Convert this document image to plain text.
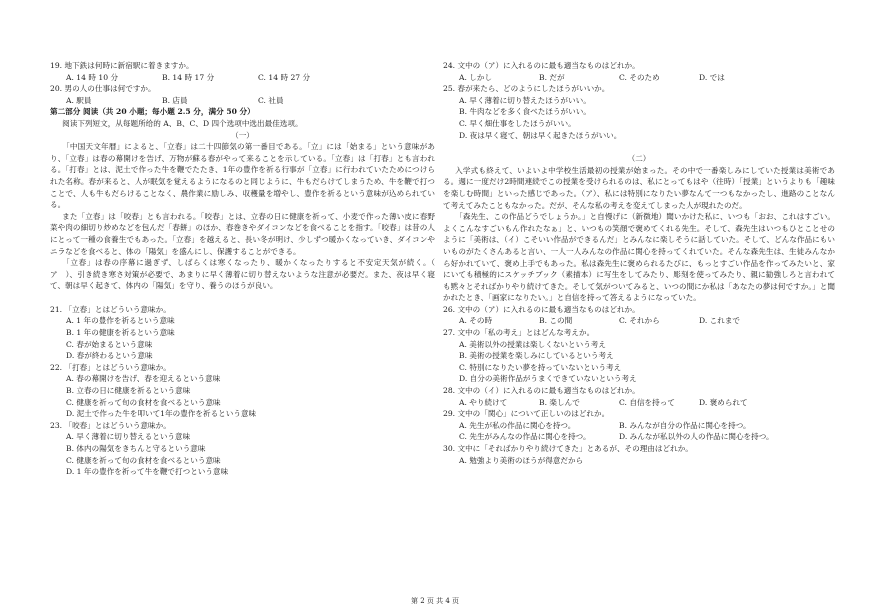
19. 地下鉄は何時に新宿駅に着きますか。

A. 14 時 10 分	B. 14 時 17 分	C. 14 時 27 分

20. 男の人の仕事は何ですか。

A. 駅員	B. 店員	C. 社員

第二部分 阅读（共 20 小题；每小题 2.5 分，满分 50 分）

阅读下列短文，从每题所给的 A、B、C、D 四个选项中选出最佳选项。

（一）

「中国天文年暦」によると、「立春」は二十四節気の第一番目である。「立」には「始まる」という意味があり、「立春」は春の幕開けを告げ、万物が蘇る春がやって来ることを示している。「立春」は「打春」とも言われる。「打春」とは、泥土で作った牛を鞭でたたき、1年の豊作を祈る行事が「立春」に行われていたためにつけられた名称。春が来ると、人が眠気を覚えるようになるのと同じように、牛もだらけてしまうため、牛を鞭で打つことで、人も牛もだらけることなく、農作業に励しみ、収穫量を増やし、豊作を祈るという意味が込められている。

また「立春」は「咬春」とも言われる。「咬春」とは、立春の日に健康を祈って、小麦で作った薄い皮に春野菜や肉の細切り炒めなどを包んだ「春餅」のほか、春巻きやダイコンなどを食べることを指す。「咬春」は昔の人にとって一種の食養生でもあった。「立春」を越えると、長い冬が明け、少しずつ暖かくなっていき、ダイコンやニラなどを食べると、体の「陽気」を盛んにし、保護することができる。

「立春」は春の序幕に過ぎず、しばらくは寒くなったり、暖かくなったりすると不安定天気が続く。（　ア　）、引き続き寒さ対策が必要で、あまりに早く薄着に切り替えないような注意が必要だ。また、夜は早く寝て、朝は早く起きて、体内の「陽気」を守り、養うのほうが良い。

21. 「立春」とはどういう意味か。

A. 1 年の豊作を祈るという意味

B. 1 年の健康を祈るという意味

C. 春が始まるという意味

D. 春が終わるという意味

22. 「打春」とはどういう意味か。

A. 春の幕開けを告げ、春を迎えるという意味

B. 立春の日に健康を祈るという意味

C. 健康を祈って旬の食材を食べるという意味

D. 泥土で作った牛を叩いて1年の豊作を祈るという意味

23. 「咬春」とはどういう意味か。

A. 早く薄着に切り替えるという意味

B. 体内の陽気をきちんと守るという意味

C. 健康を祈って旬の食材を食べるという意味

D. 1 年の豊作を祈って牛を鞭で打つという意味

24. 文中の（ア）に入れるのに最も適当なものはどれか。

A. しかし	B. だが	C. そのため	D. では

25. 春が来たら、どのようにしたほうがいいか。

A. 早く薄着に切り替えたほうがいい。

B. 牛肉などを多く食べたほうがいい。

C. 早く畑仕事をしたほうがいい。

D. 夜は早く寝て、朝は早く起きたほうがいい。

（二）

入学式も終えて、いよいよ中学校生活最初の授業が始まった。その中で一番楽しみにしていた授業は美術である。週に一度だけ2時間連続でこの授業を受けられるのは、私にとってもはや（往時）「授業」というよりも「趣味を楽しむ時間」といった感じであった。（ア）、私には特別になりたい夢なんて一つもなかったし、進路のことなんて考えてみたこともなかった。だが、そんな私の考えを変えてしまった人が現れたのだ。

「森先生、この作品どうでしょうか。」と自慢げに（新徴地）聞いかけた私に、いつも「おお、これはすごい。よくこんなすごいもん作れたなぁ」と、いつもの笑顔で褒めてくれる先生。そして、森先生はいつもひとことせのように「美術は、（イ）こそいい作品ができるんだ」とみんなに楽しそうに話していた。そして、どんな作品にもいいものがたくさんあると言い、一人一人みんなの作品に関心を持ってくれていた。そんな森先生は、生徒みんなから好かれていて、褒め上手でもあった。私は森先生に褒められるたびに、もっとすごい作品を作ってみたいと、家にいても積極的にスケッチブック（素描本）に写生をしてみたり、彫刻を使ってみたり、親に勧強しろと言われても黙々とそればかりやり続けてきた。そして気がついてみると、いつの間にか私は「あなたの夢は何ですか。」と聞かれたとき、「画家になりたい。」と自信を持って答えるようになっていた。

26. 文中の（ア）に入れるのに最も適当なものはどれか。

A. その時	B. この間	C. それから	D. これまで

27. 文中の「私の考え」とはどんな考えか。

A. 美術以外の授業は楽しくないという考え

B. 美術の授業を楽しみにしているという考え

C. 特別になりたい夢を持っていないという考え

D. 自分の美術作品がうまくできていないという考え

28. 文中の（イ）に入れるのに最も適当なものはどれか。

A. やり続けて	B. 楽しんで	C. 自信を持って	D. 褒められて

29. 文中の「関心」について正しいのはどれか。

A. 先生が私の作品に関心を持つ。	B. みんなが自分の作品に関心を持つ。
C. 先生がみんなの作品に関心を持つ。	D. みんなが私以外の人の作品に関心を持つ。

30. 文中に「そればかりやり続けてきた」とあるが、その理由はどれか。

A. 勉強より美術のほうが得意だから

第 2 页 共 4 页
